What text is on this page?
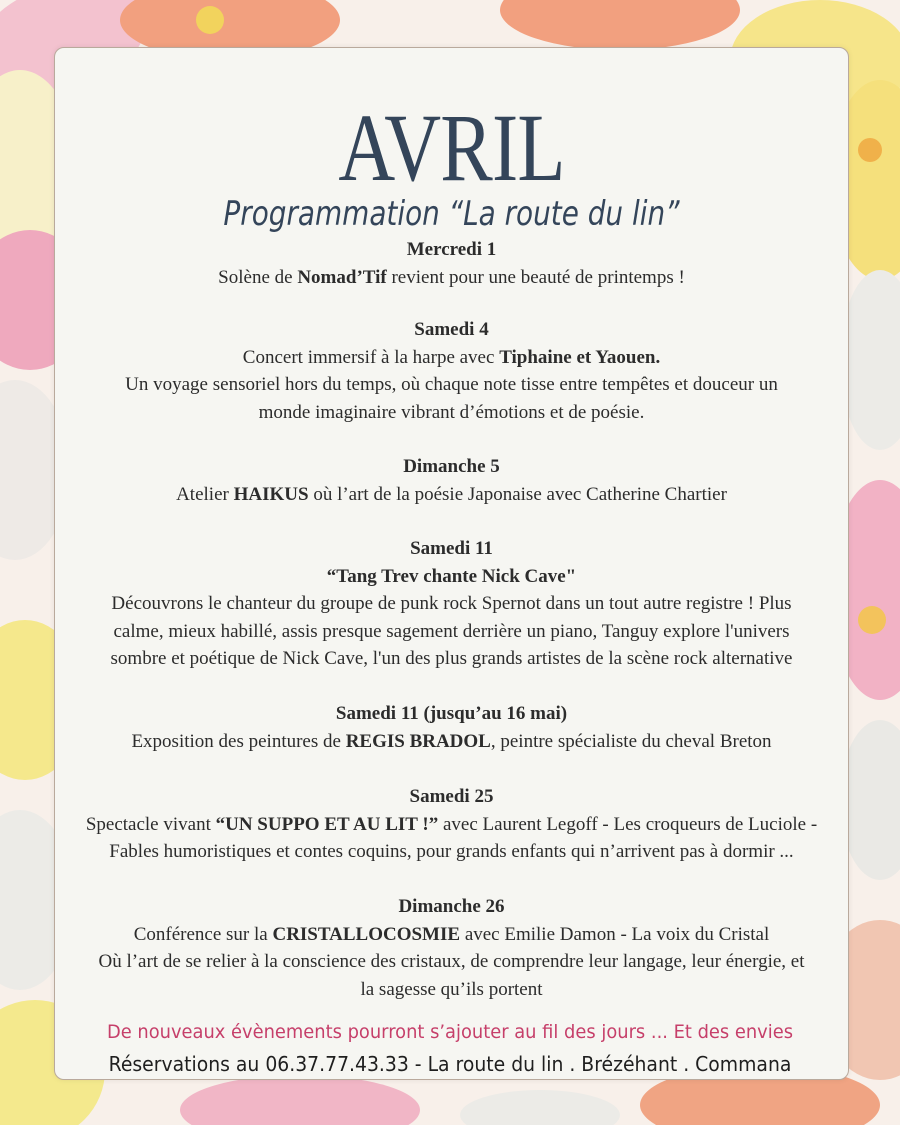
AVRIL
Programmation “La route du lin”
Mercredi 1
Solène de Nomad’Tif revient pour une beauté de printemps !
Samedi 4
Concert immersif à la harpe avec Tiphaine et Yaouen.
Un voyage sensoriel hors du temps, où chaque note tisse entre tempêtes et douceur un
monde imaginaire vibrant d’émotions et de poésie.
Dimanche 5
Atelier HAIKUS où l’art de la poésie Japonaise avec Catherine Chartier
Samedi 11
“Tang Trev chante Nick Cave"
Découvrons le chanteur du groupe de punk rock Spernot dans un tout autre registre ! Plus
calme, mieux habillé, assis presque sagement derrière un piano, Tanguy explore l'univers
sombre et poétique de Nick Cave, l'un des plus grands artistes de la scène rock alternative
Samedi 11 (jusqu’au 16 mai)
Exposition des peintures de REGIS BRADOL, peintre spécialiste du cheval Breton
Samedi 25
Spectacle vivant “UN SUPPO ET AU LIT !” avec Laurent Legoff - Les croqueurs de Luciole -
Fables humoristiques et contes coquins, pour grands enfants qui n’arrivent pas à dormir ...
Dimanche 26
Conférence sur la CRISTALLOCOSMIE avec Emilie Damon - La voix du Cristal
Où l’art de se relier à la conscience des cristaux, de comprendre leur langage, leur énergie, et
la sagesse qu’ils portent
De nouveaux évènements pourront s’ajouter au fil des jours ... Et des envies
Réservations au 06.37.77.43.33 - La route du lin . Brézéhant . Commana
